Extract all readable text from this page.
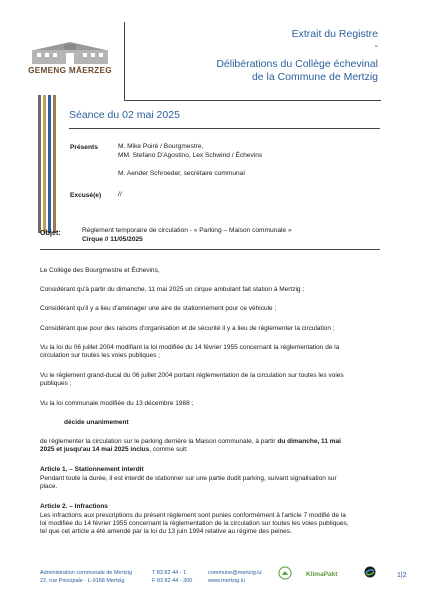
GEMENG MÄERZEG
Extrait du Registre
-
Délibérations du Collège échevinal
de la Commune de Mertzig
Séance du 02 mai 2025
Présents	M. Mike Poiré / Bourgmestre,
MM. Stefano D'Agostino, Lex Schwind / Échevins
M. Aender Schroeder, secrétaire communal
Excusé(e)	//
Objet:	Règlement temporaire de circulation - « Parking – Maison communale »
Cirque // 11/05/2025
Le Collège des Bourgmestre et Échevins,
Considérant qu'à partir du dimanche, 11 mai 2025 un cirque ambulant fait station à Mertzig ;
Considérant qu'il y a lieu d'aménager une aire de stationnement pour ce véhicule ;
Considérant que pour des raisons d'organisation et de sécurité il y a lieu de réglementer la circulation ;
Vu la loi du 06 juillet 2004 modifiant la loi modifiée du 14 février 1955 concernant la réglementation de la
circulation sur toutes les voies publiques ;
Vu le règlement grand-ducal du 06 juillet 2004 portant réglementation de la circulation sur toutes les voies
publiques ;
Vu la loi communale modifiée du 13 décembre 1988 ;
décide unanimement
de réglementer la circulation sur le parking derrière la Maison communale, à partir du dimanche, 11 mai
2025 et jusqu'au 14 mai 2025 inclus, comme suit:
Article 1. – Stationnement interdit
Pendant toute la durée, il est interdit de stationner sur une partie dudit parking, suivant signalisation sur
place.
Article 2. – Infractions
Les infractions aux prescriptions du présent règlement sont punies conformément à l'article 7 modifié de la
loi modifiée du 14 février 1955 concernant la réglementation de la circulation sur toutes les voies publiques,
tel que cet article a été amendé par la loi du 13 juin 1994 relative au régime des peines.
Administration communale de Mertzig
22, rue Principale · L-9168 Mertzig
T 83 82 44 - 1
F 83 82 44 - 300
commune@mertzig.lu
www.mertzig.lu
KlimaPakt	1|2
